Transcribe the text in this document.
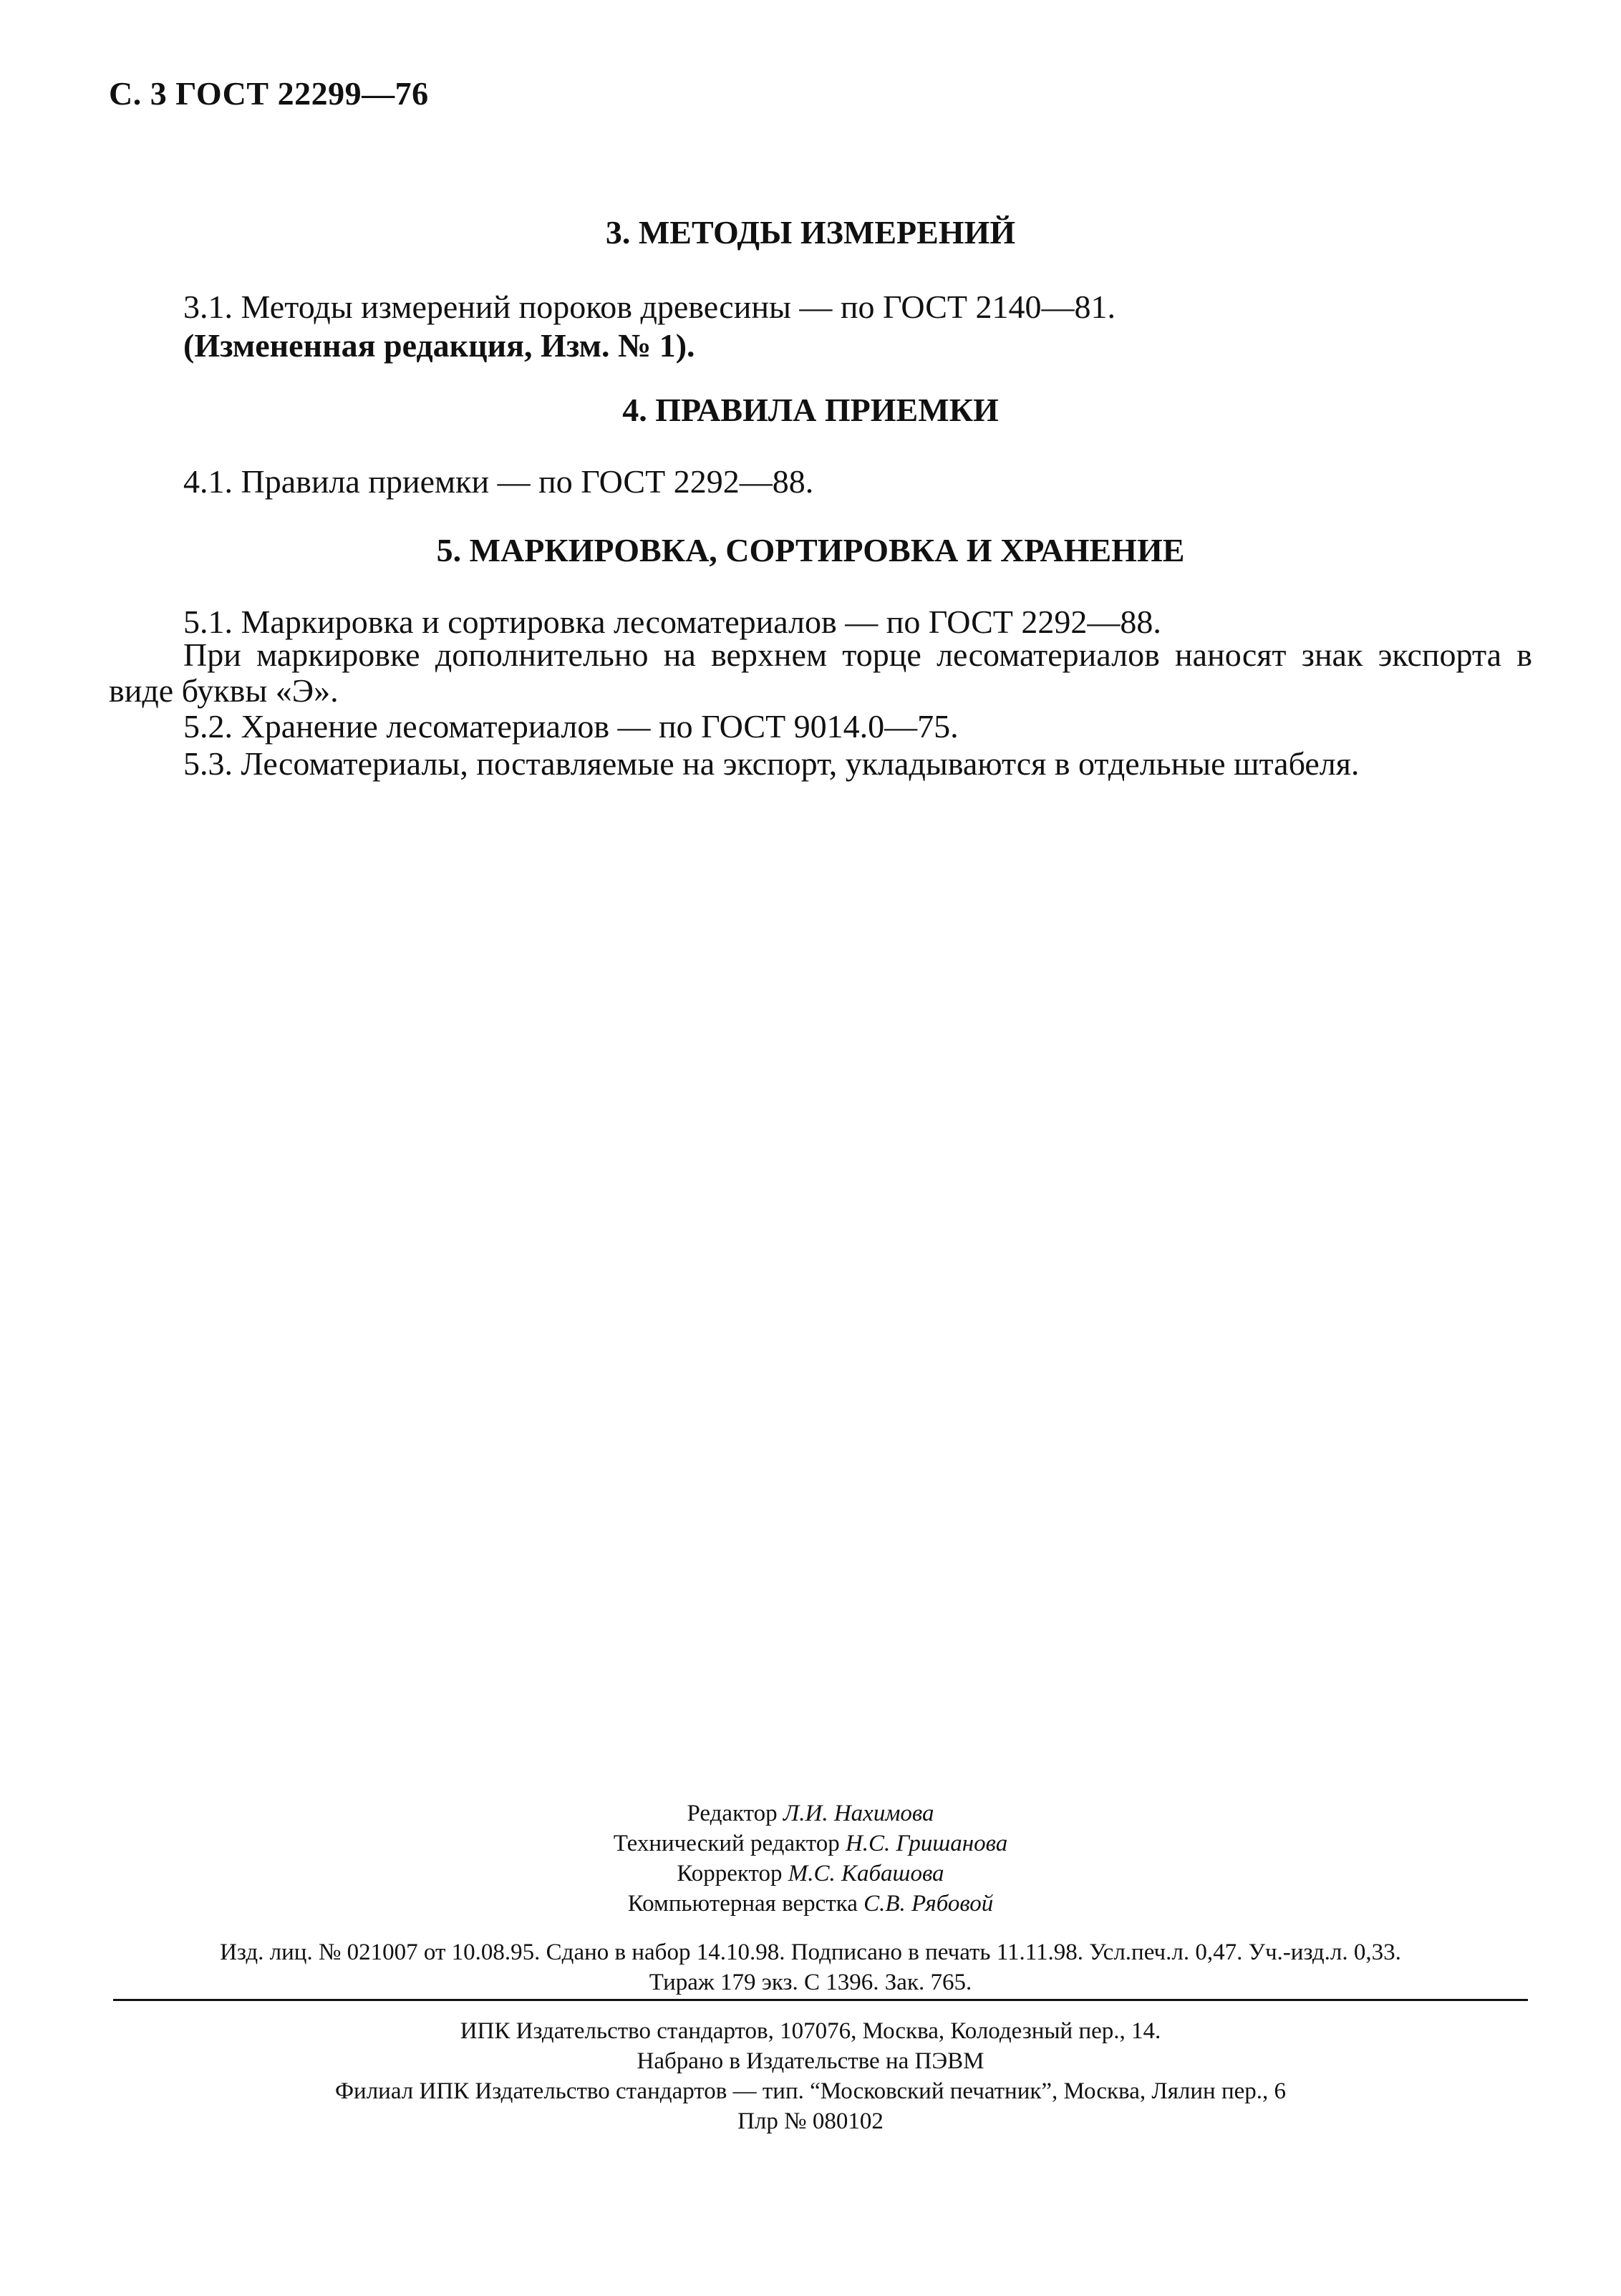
С. 3 ГОСТ 22299—76
3. МЕТОДЫ ИЗМЕРЕНИЙ
3.1. Методы измерений пороков древесины — по ГОСТ 2140—81.
(Измененная редакция, Изм. № 1).
4. ПРАВИЛА ПРИЕМКИ
4.1. Правила приемки — по ГОСТ 2292—88.
5. МАРКИРОВКА, СОРТИРОВКА И ХРАНЕНИЕ
5.1. Маркировка и сортировка лесоматериалов — по ГОСТ 2292—88.
При маркировке дополнительно на верхнем торце лесоматериалов наносят знак экспорта в
виде буквы «Э».
5.2. Хранение лесоматериалов — по ГОСТ 9014.0—75.
5.3. Лесоматериалы, поставляемые на экспорт, укладываются в отдельные штабеля.
Редактор Л.И. Нахимова
Технический редактор Н.С. Гришанова
Корректор М.С. Кабашова
Компьютерная верстка С.В. Рябовой
Изд. лиц. № 021007 от 10.08.95. Сдано в набор 14.10.98. Подписано в печать 11.11.98. Усл.печ.л. 0,47. Уч.-изд.л. 0,33.
Тираж 179 экз. С 1396. Зак. 765.
ИПК Издательство стандартов, 107076, Москва, Колодезный пер., 14.
Набрано в Издательстве на ПЭВМ
Филиал ИПК Издательство стандартов — тип. “Московский печатник”, Москва, Лялин пер., 6
Плр № 080102
